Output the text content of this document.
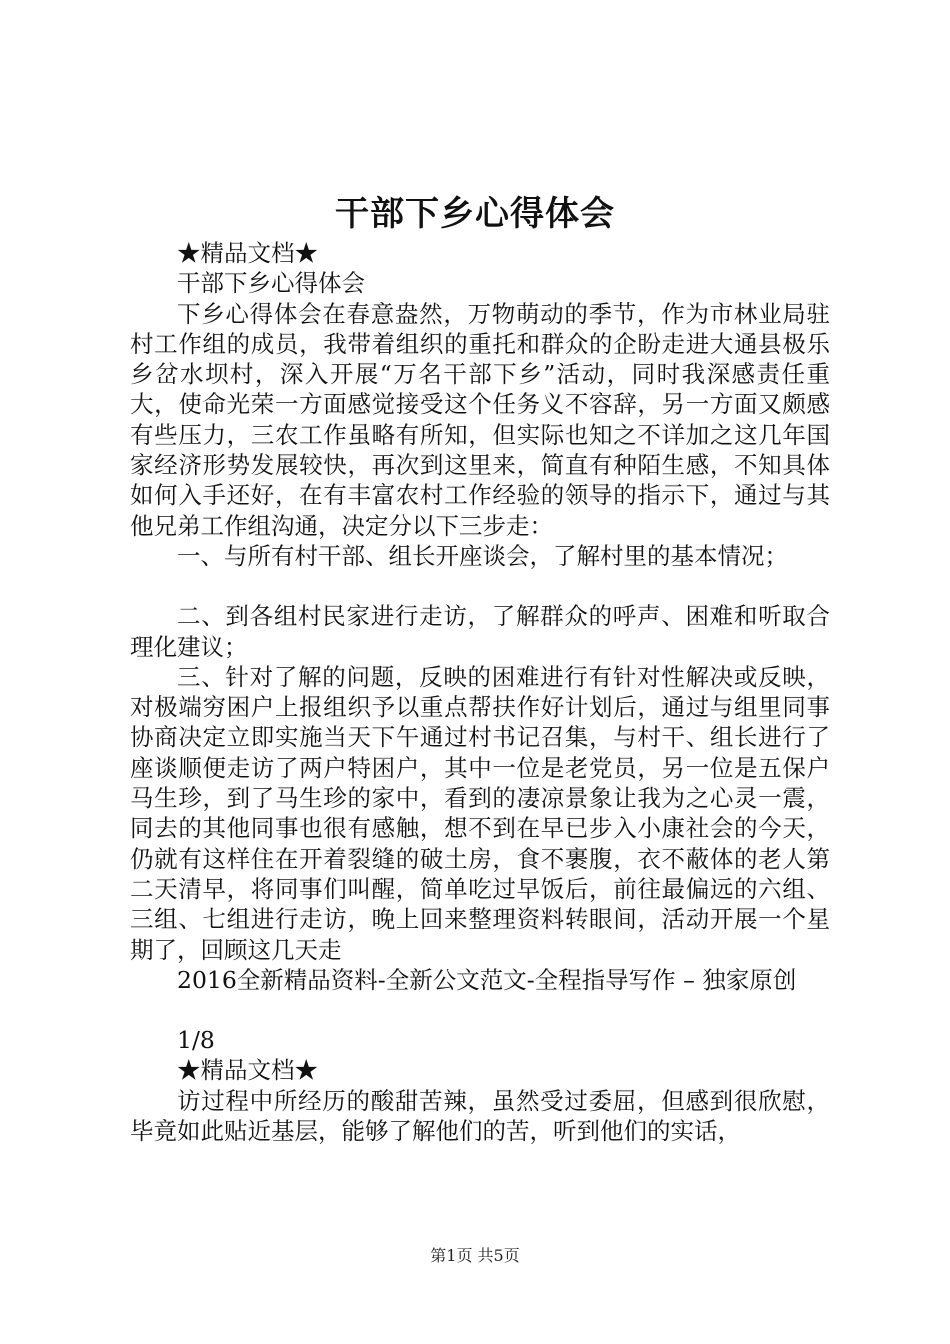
干部下乡心得体会

★精品文档★

干部下乡心得体会

下乡心得体会在春意盎然，万物萌动的季节，作为市林业局驻村工作组的成员，我带着组织的重托和群众的企盼走进大通县极乐乡岔水坝村，深入开展“万名干部下乡”活动，同时我深感责任重大，使命光荣一方面感觉接受这个任务义不容辞，另一方面又颇感有些压力，三农工作虽略有所知，但实际也知之不详加之这几年国家经济形势发展较快，再次到这里来，简直有种陌生感，不知具体如何入手还好，在有丰富农村工作经验的领导的指示下，通过与其他兄弟工作组沟通，决定分以下三步走：

一、与所有村干部、组长开座谈会，了解村里的基本情况；

二、到各组村民家进行走访，了解群众的呼声、困难和听取合理化建议；

三、针对了解的问题，反映的困难进行有针对性解决或反映，对极端穷困户上报组织予以重点帮扶作好计划后，通过与组里同事协商决定立即实施当天下午通过村书记召集，与村干、组长进行了座谈顺便走访了两户特困户，其中一位是老党员，另一位是五保户马生珍，到了马生珍的家中，看到的凄凉景象让我为之心灵一震，同去的其他同事也很有感触，想不到在早已步入小康社会的今天，仍就有这样住在开着裂缝的破土房，食不裹腹，衣不蔽体的老人第二天清早，将同事们叫醒，简单吃过早饭后，前往最偏远的六组、三组、七组进行走访，晚上回来整理资料转眼间，活动开展一个星期了，回顾这几天走

2016全新精品资料-全新公文范文-全程指导写作 – 独家原创

1/8

★精品文档★

访过程中所经历的酸甜苦辣，虽然受过委屈，但感到很欣慰，毕竟如此贴近基层，能够了解他们的苦，听到他们的实话，

第1页 共5页
